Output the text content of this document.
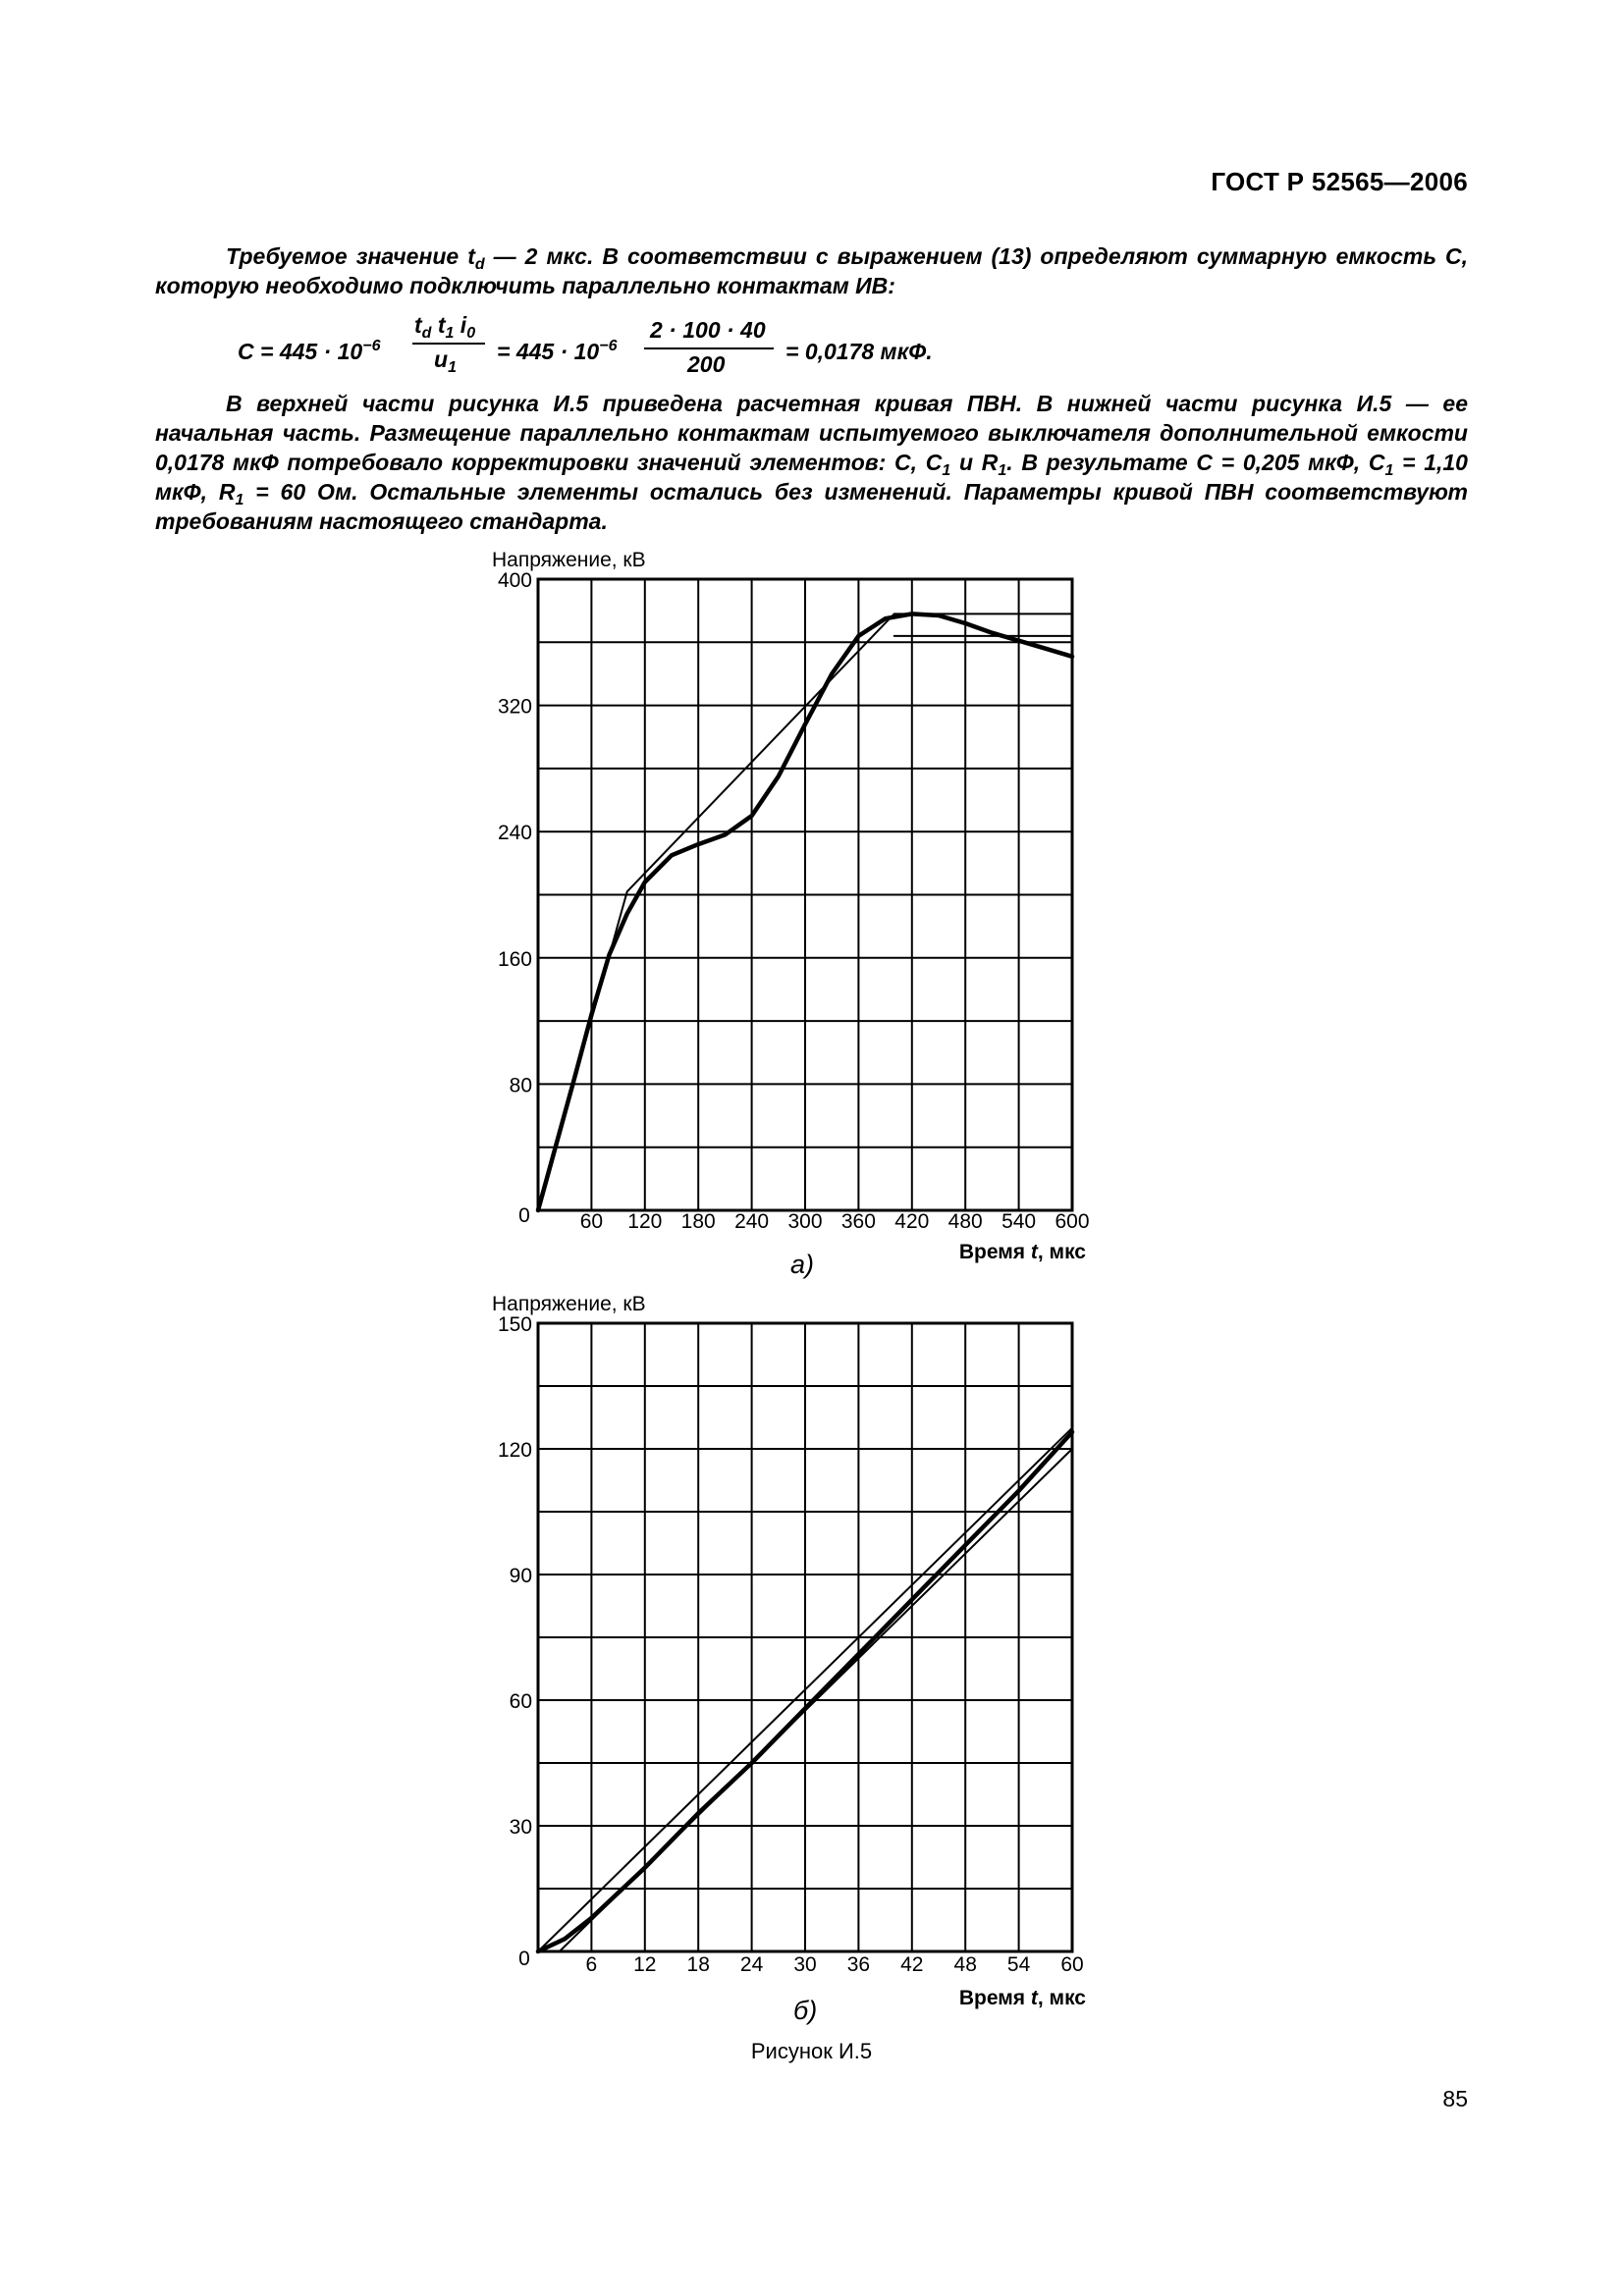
ГОСТ Р 52565—2006

Требуемое значение $t_d$ — 2 мкс. В соответствии с выражением (13) определяют суммарную емкость С, которую необходимо подключить параллельно контактам ИВ:

$С = 445 \cdot 10^{-6}$
$t_d$ $t_1$ $i_0$
$u_1$
= $445 \cdot 10^{-6}$
2 · 100 · 40
200	= 0,0178 мкФ.

В верхней части рисунка И.5 приведена расчетная кривая ПВН. В нижней части рисунка И.5 — ее начальная часть. Размещение параллельно контактам испытуемого выключателя дополнительной емкости 0,0178 мкФ потребовало корректировки значений элементов: С, $С_1$ и $R_1$. В результате С = 0,205 мкФ, $С_1 = 1,10$ мкФ, $R_1 = 60$ Ом. Остальные элементы остались без изменений. Параметры кривой ПВН соответствуют требованиям настоящего стандарта.

60 120 180 240 300 360 420 480 540 600
0
80
160
240
320
400
Напряжение, кВ
Время t, мкс
а)
6 12 18 24 30 36 42 48 54 60
0
30
60
90
120
150
Напряжение, кВ
Время t, мкс
б)
Рисунок И.5
85
